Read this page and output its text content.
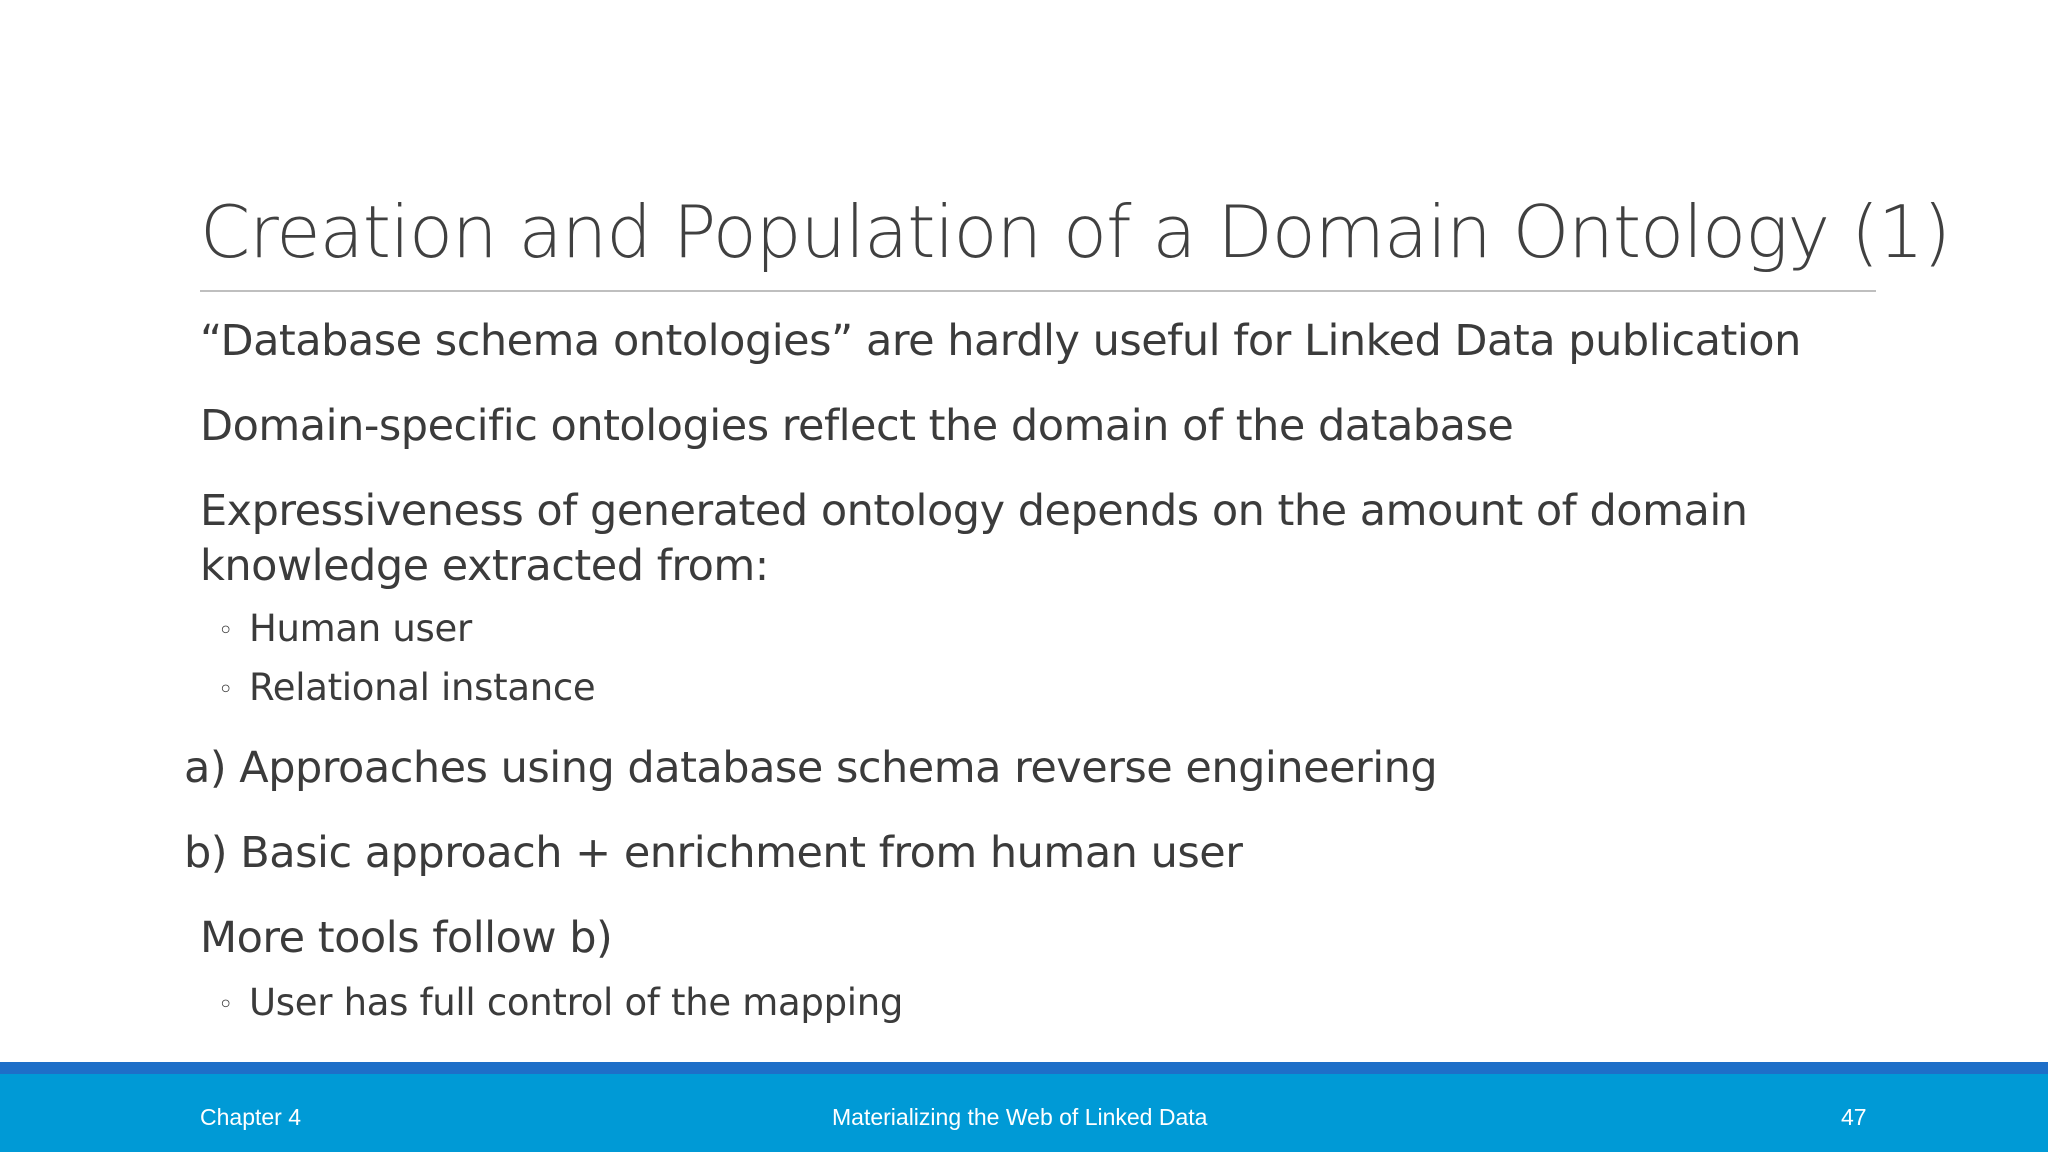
Creation and Population of a Domain Ontology (1)
“Database schema ontologies” are hardly useful for Linked Data publication
Domain-specific ontologies reflect the domain of the database
Expressiveness of generated ontology depends on the amount of domain
knowledge extracted from:
◦ Human user
◦ Relational instance
a) Approaches using database schema reverse engineering
b) Basic approach + enrichment from human user
More tools follow b)
◦ User has full control of the mapping
Chapter 4	Materializing the Web of Linked Data	47
